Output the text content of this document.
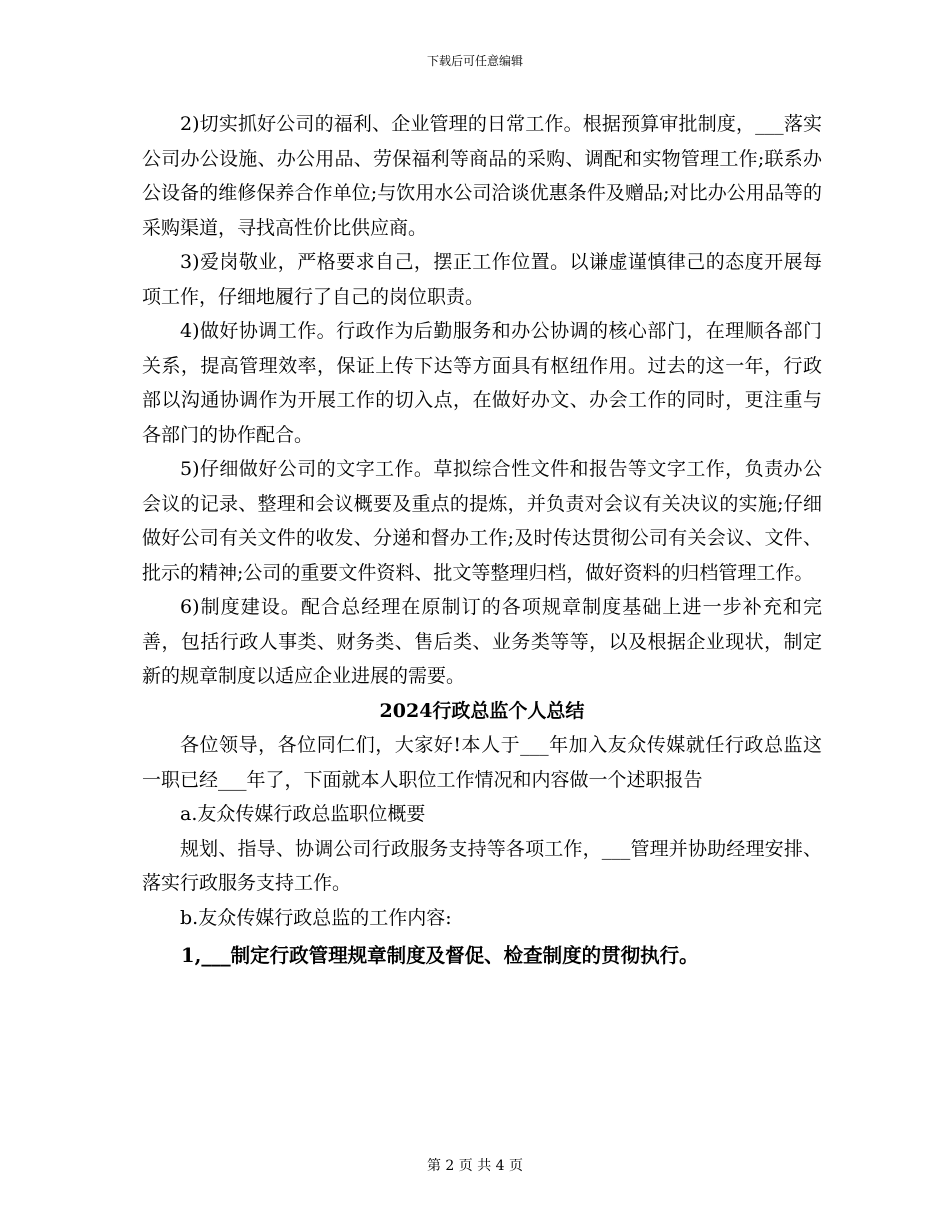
下载后可任意编辑

2)切实抓好公司的福利、企业管理的日常工作。根据预算审批制度，___落实公司办公设施、办公用品、劳保福利等商品的采购、调配和实物管理工作;联系办公设备的维修保养合作单位;与饮用水公司洽谈优惠条件及赠品;对比办公用品等的采购渠道，寻找高性价比供应商。

3)爱岗敬业，严格要求自己，摆正工作位置。以谦虚谨慎律己的态度开展每项工作，仔细地履行了自己的岗位职责。

4)做好协调工作。行政作为后勤服务和办公协调的核心部门，在理顺各部门关系，提高管理效率，保证上传下达等方面具有枢纽作用。过去的这一年，行政部以沟通协调作为开展工作的切入点，在做好办文、办会工作的同时，更注重与各部门的协作配合。

5)仔细做好公司的文字工作。草拟综合性文件和报告等文字工作，负责办公会议的记录、整理和会议概要及重点的提炼，并负责对会议有关决议的实施;仔细做好公司有关文件的收发、分递和督办工作;及时传达贯彻公司有关会议、文件、批示的精神;公司的重要文件资料、批文等整理归档，做好资料的归档管理工作。

6)制度建设。配合总经理在原制订的各项规章制度基础上进一步补充和完善，包括行政人事类、财务类、售后类、业务类等等，以及根据企业现状，制定新的规章制度以适应企业进展的需要。

2024行政总监个人总结

各位领导，各位同仁们，大家好!本人于___年加入友众传媒就任行政总监这一职已经___年了，下面就本人职位工作情况和内容做一个述职报告

a.友众传媒行政总监职位概要

规划、指导、协调公司行政服务支持等各项工作，___管理并协助经理安排、落实行政服务支持工作。

b.友众传媒行政总监的工作内容:

1,___制定行政管理规章制度及督促、检查制度的贯彻执行。

第 2 页 共 4 页
